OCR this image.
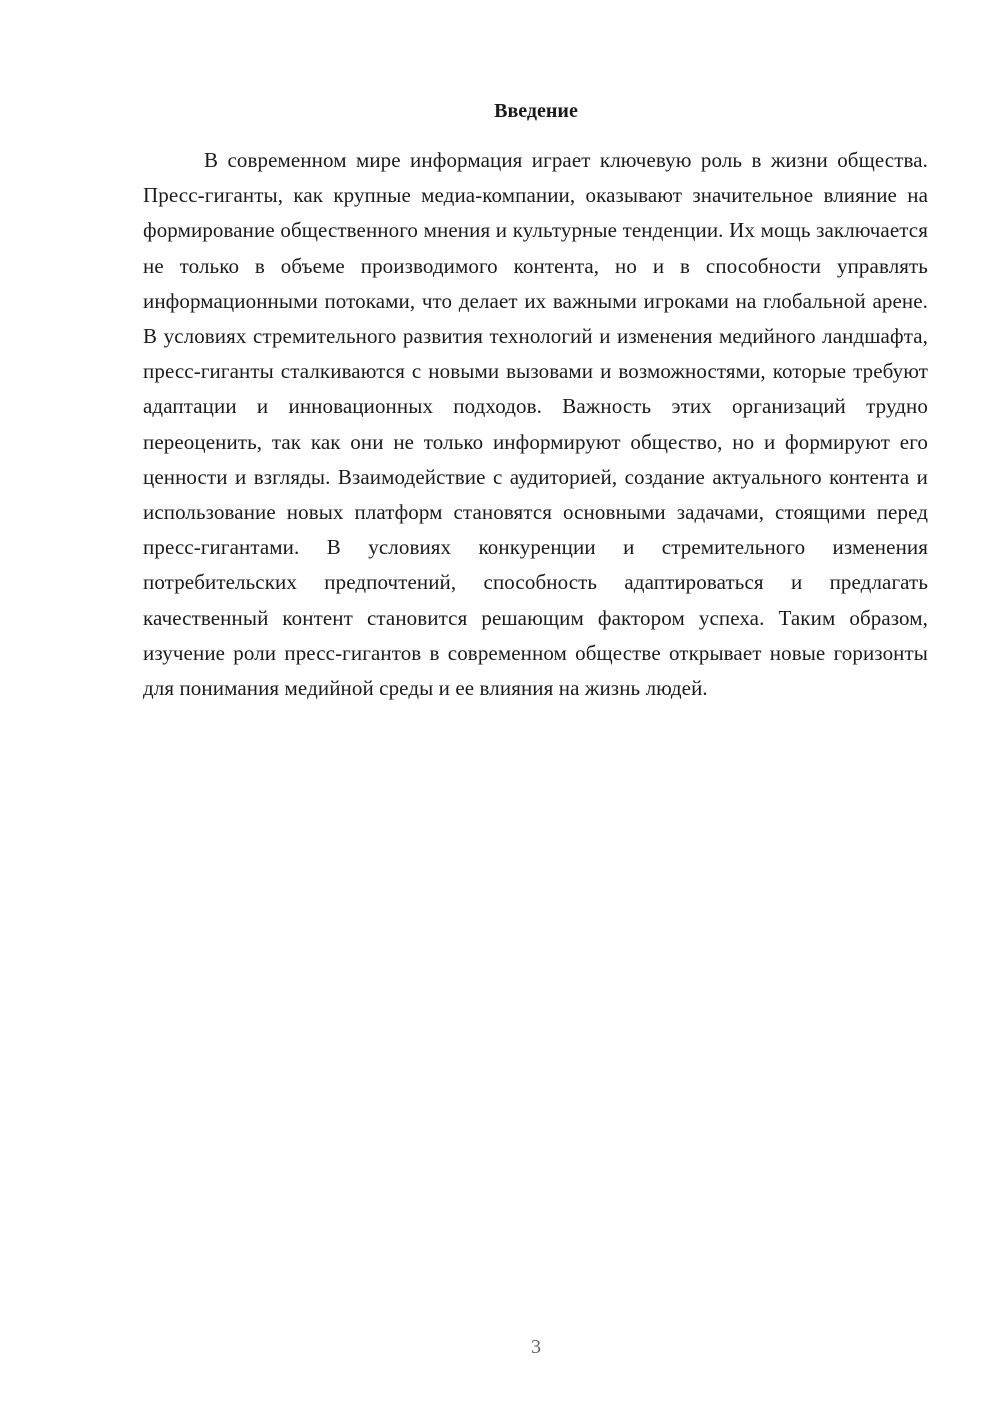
Введение

В современном мире информация играет ключевую роль в жизни общества. Пресс-гиганты, как крупные медиа-компании, оказывают значительное влияние на формирование общественного мнения и культурные тенденции. Их мощь заключается не только в объеме производимого контента, но и в способности управлять информационными потоками, что делает их важными игроками на глобальной арене. В условиях стремительного развития технологий и изменения медийного ландшафта, пресс-гиганты сталкиваются с новыми вызовами и возможностями, которые требуют адаптации и инновационных подходов. Важность этих организаций трудно переоценить, так как они не только информируют общество, но и формируют его ценности и взгляды. Взаимодействие с аудиторией, создание актуального контента и использование новых платформ становятся основными задачами, стоящими перед пресс-гигантами. В условиях конкуренции и стремительного изменения потребительских предпочтений, способность адаптироваться и предлагать качественный контент становится решающим фактором успеха. Таким образом, изучение роли пресс-гигантов в современном обществе открывает новые горизонты для понимания медийной среды и ее влияния на жизнь людей.

3
